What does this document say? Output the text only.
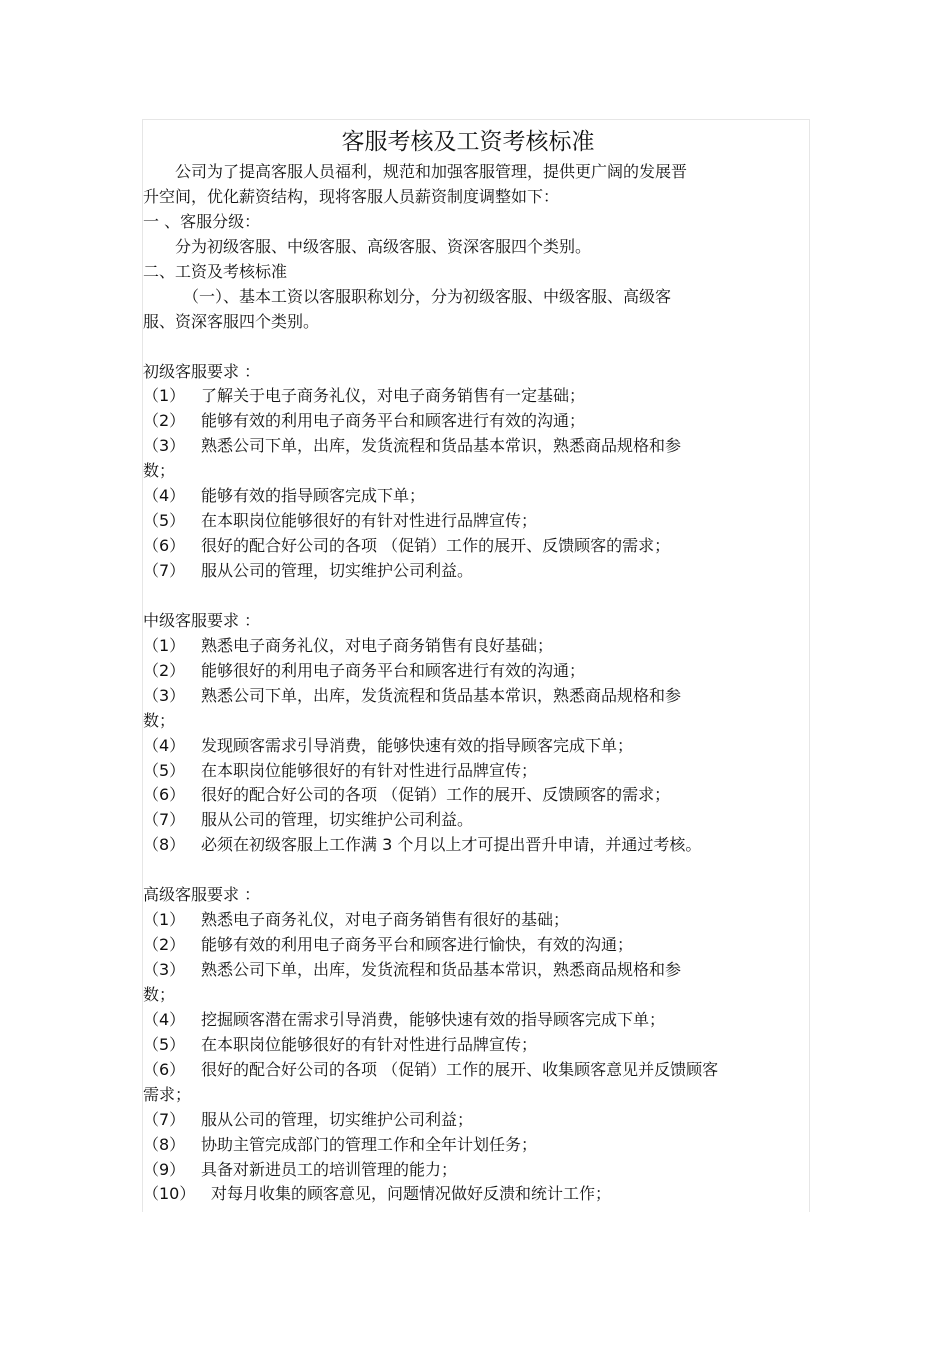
客服考核及工资考核标准
公司为了提高客服人员福利，规范和加强客服管理，提供更广阔的发展晋
升空间，优化薪资结构，现将客服人员薪资制度调整如下：
一 、客服分级：
分为初级客服、中级客服、高级客服、资深客服四个类别。
二、工资及考核标准
（一）、基本工资以客服职称划分，分为初级客服、中级客服、高级客
服、资深客服四个类别。
初级客服要求 ：
（1） 了解关于电子商务礼仪，对电子商务销售有一定基础；
（2） 能够有效的利用电子商务平台和顾客进行有效的沟通；
（3） 熟悉公司下单，出库，发货流程和货品基本常识，熟悉商品规格和参
数；
（4） 能够有效的指导顾客完成下单；
（5） 在本职岗位能够很好的有针对性进行品牌宣传；
（6） 很好的配合好公司的各项 （促销）工作的展开、反馈顾客的需求；
（7） 服从公司的管理，切实维护公司利益。
中级客服要求 ：
（1） 熟悉电子商务礼仪，对电子商务销售有良好基础；
（2） 能够很好的利用电子商务平台和顾客进行有效的沟通；
（3） 熟悉公司下单，出库，发货流程和货品基本常识，熟悉商品规格和参
数；
（4） 发现顾客需求引导消费，能够快速有效的指导顾客完成下单；
（5） 在本职岗位能够很好的有针对性进行品牌宣传；
（6） 很好的配合好公司的各项 （促销）工作的展开、反馈顾客的需求；
（7） 服从公司的管理，切实维护公司利益。
（8） 必须在初级客服上工作满 3 个月以上才可提出晋升申请，并通过考核。
高级客服要求 ：
（1） 熟悉电子商务礼仪，对电子商务销售有很好的基础；
（2） 能够有效的利用电子商务平台和顾客进行愉快，有效的沟通；
（3） 熟悉公司下单，出库，发货流程和货品基本常识，熟悉商品规格和参
数；
（4） 挖掘顾客潜在需求引导消费，能够快速有效的指导顾客完成下单；
（5） 在本职岗位能够很好的有针对性进行品牌宣传；
（6） 很好的配合好公司的各项 （促销）工作的展开、收集顾客意见并反馈顾客
需求；
（7） 服从公司的管理，切实维护公司利益；
（8） 协助主管完成部门的管理工作和全年计划任务；
（9） 具备对新进员工的培训管理的能力；
（10） 对每月收集的顾客意见，问题情况做好反溃和统计工作；
